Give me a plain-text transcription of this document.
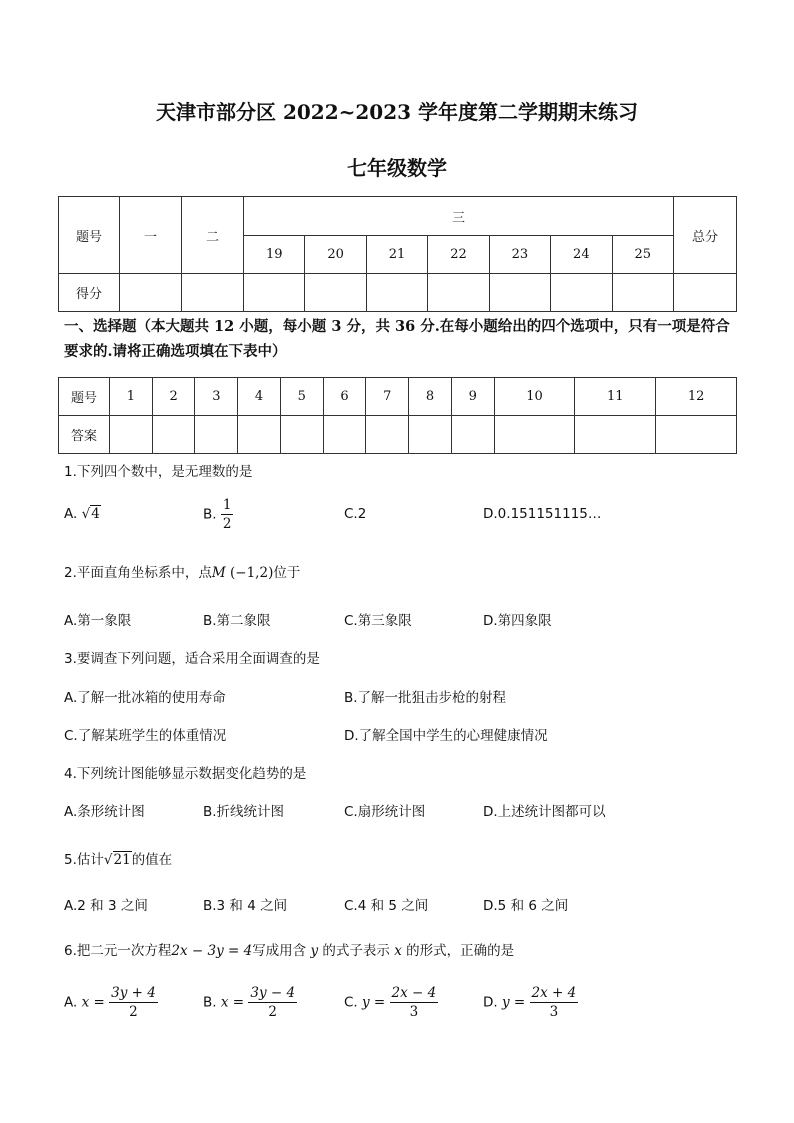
天津市部分区 2022~2023 学年度第二学期期末练习
七年级数学
题号	一	二	三							总分
			19	20	21	22	23	24	25	
得分										
一、选择题（本大题共 12 小题，每小题 3 分，共 36 分.在每小题给出的四个选项中，只有一项是符合要求的.请将正确选项填在下表中）
题号	1	2	3	4	5	6	7	8	9	10	11	12
答案												
1.下列四个数中，是无理数的是
A. √4	B. $\frac{1}{2}$	C.2	D.0.151151115…
2.平面直角坐标系中，点M (−1,2)位于
A.第一象限	B.第二象限	C.第三象限	D.第四象限
3.要调查下列问题，适合采用全面调查的是
A.了解一批冰箱的使用寿命	B.了解一批狙击步枪的射程
C.了解某班学生的体重情况	D.了解全国中学生的心理健康情况
4.下列统计图能够显示数据变化趋势的是
A.条形统计图	B.折线统计图	C.扇形统计图	D.上述统计图都可以
5.估计√21的值在
A.2 和 3 之间	B.3 和 4 之间	C.4 和 5 之间	D.5 和 6 之间
6.把二元一次方程2x − 3y = 4写成用含 y 的式子表示 x 的形式，正确的是
A. $x = \frac{3y + 4}{2}$	B. $x = \frac{3y - 4}{2}$	C. $y = \frac{2x - 4}{3}$	D. $y = \frac{2x + 4}{3}$
